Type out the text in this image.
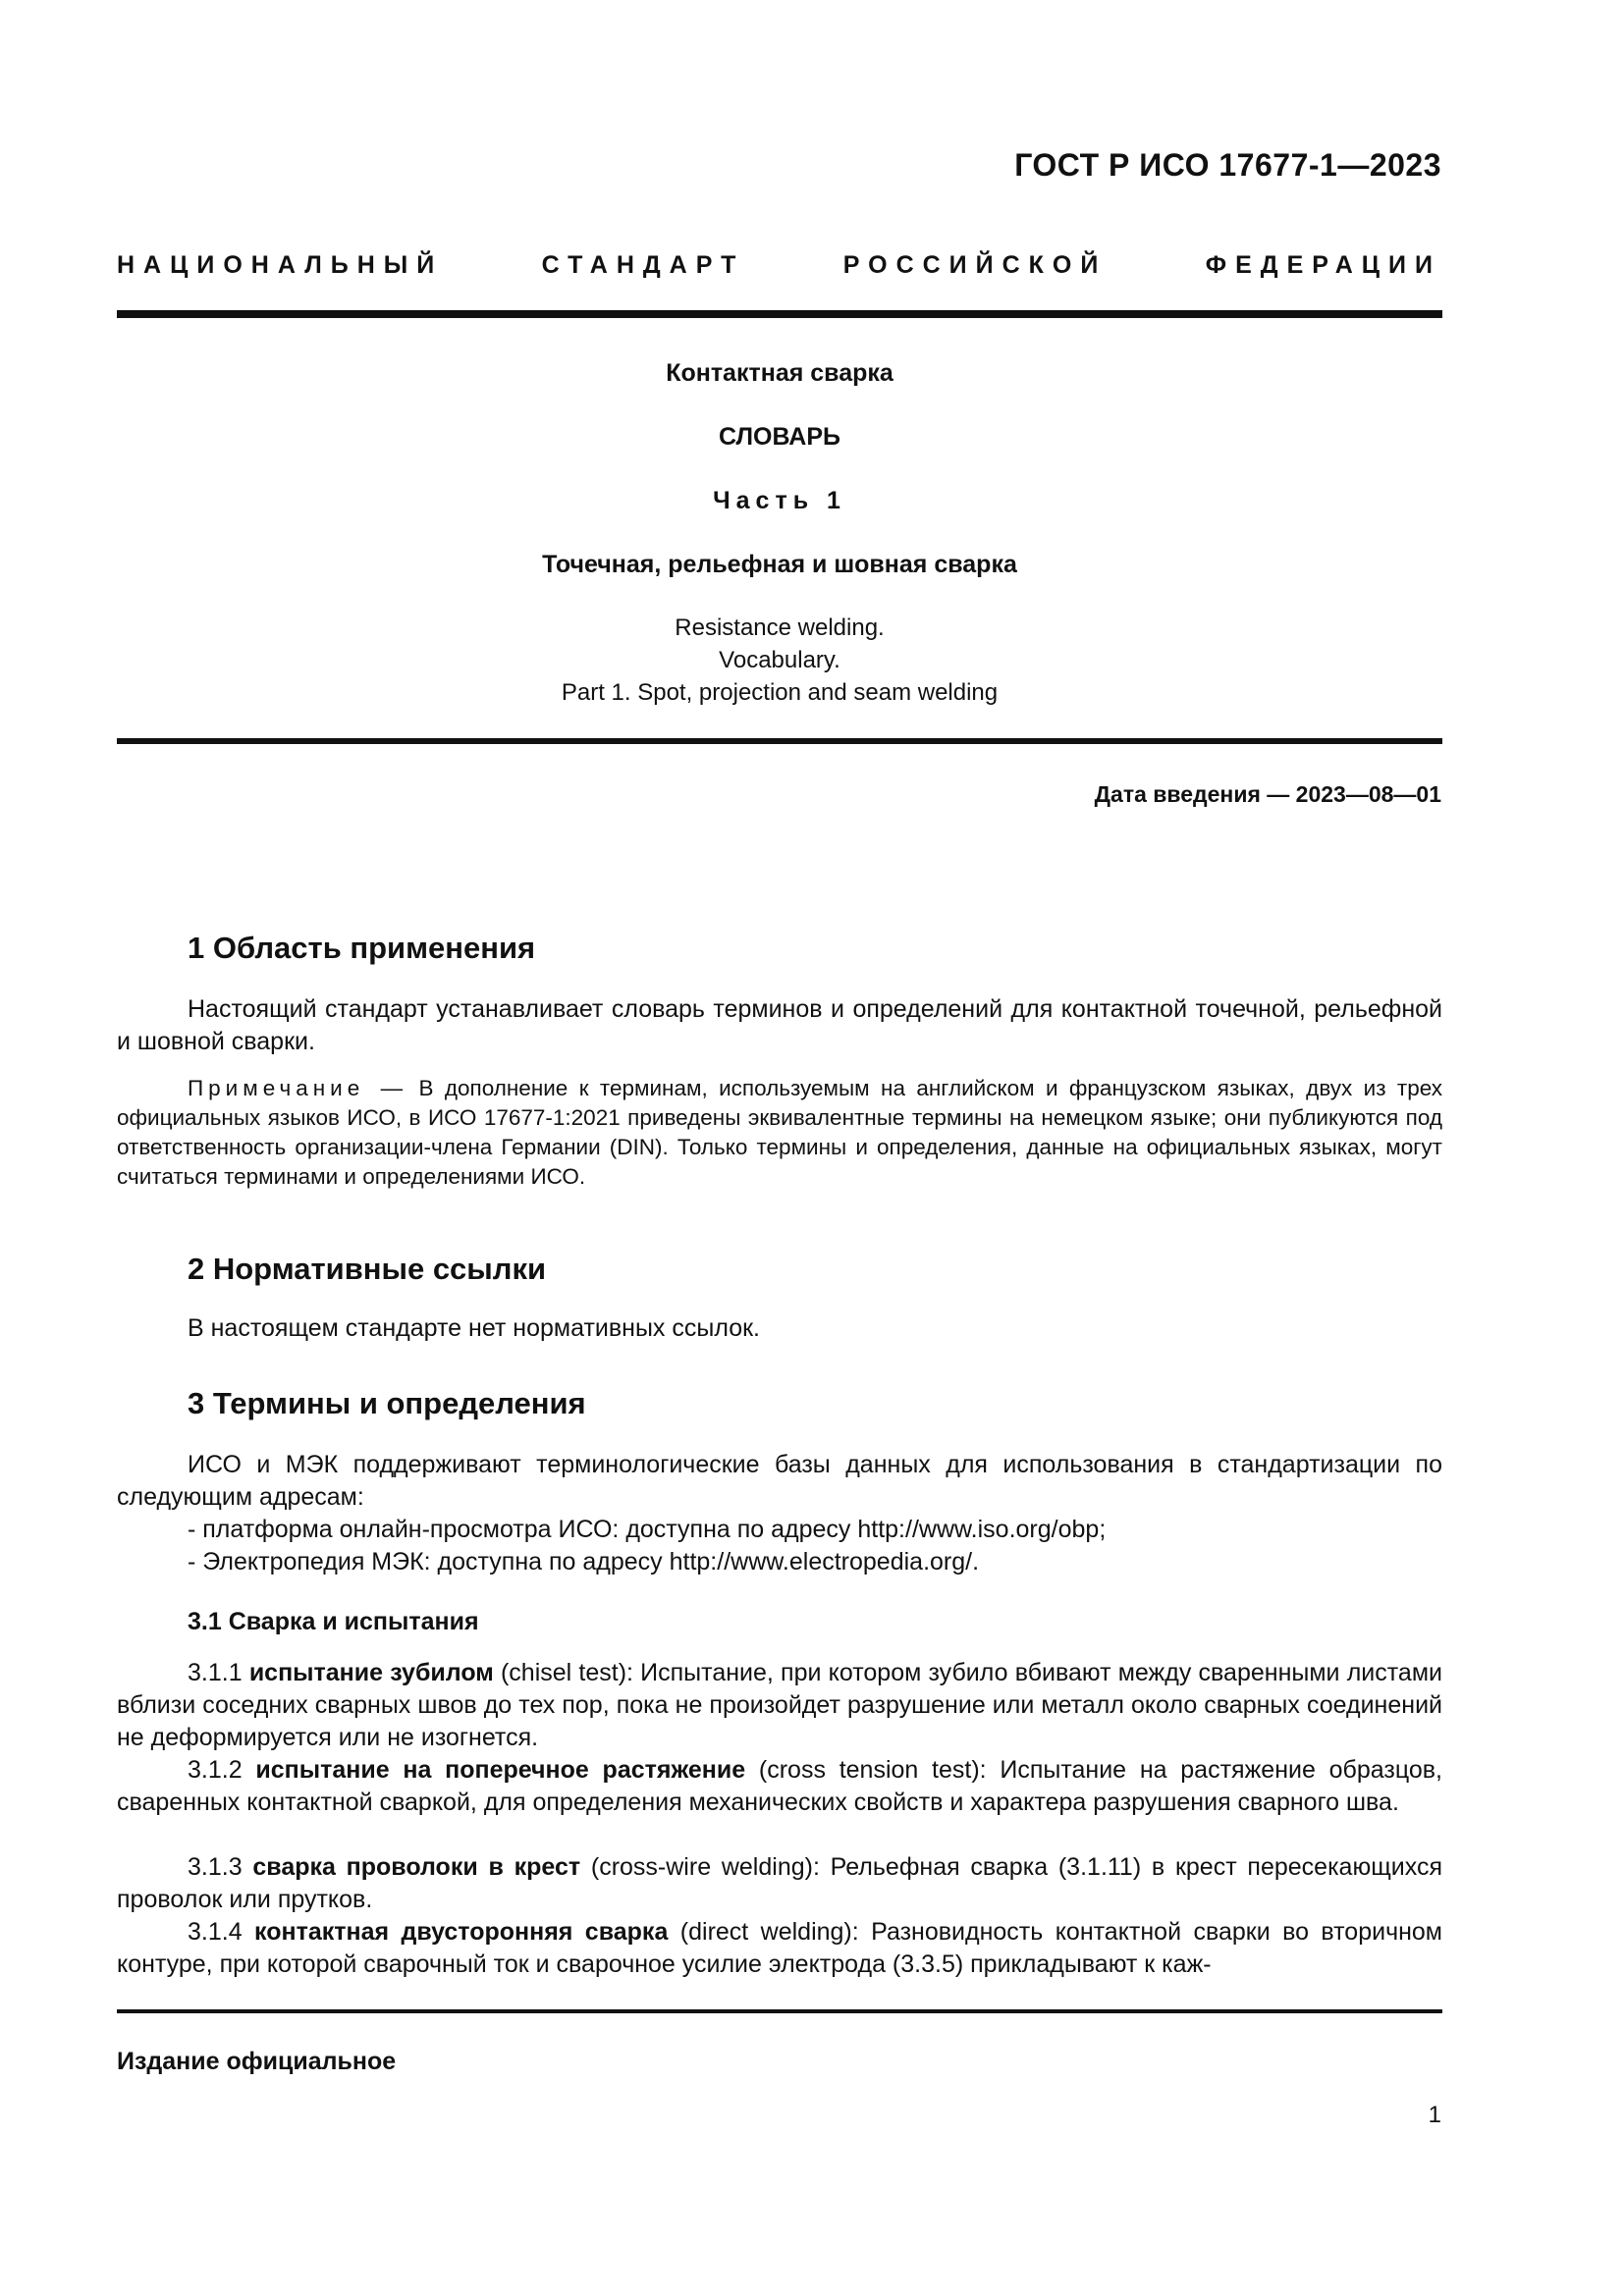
ГОСТ Р ИСО 17677-1—2023
НАЦИОНАЛЬНЫЙ СТАНДАРТ РОССИЙСКОЙ ФЕДЕРАЦИИ
Контактная сварка
СЛОВАРЬ
Часть 1
Точечная, рельефная и шовная сварка
Resistance welding.
Vocabulary.
Part 1. Spot, projection and seam welding
Дата введения — 2023—08—01
1 Область применения
Настоящий стандарт устанавливает словарь терминов и определений для контактной точечной, рельефной и шовной сварки.
Примечание — В дополнение к терминам, используемым на английском и французском языках, двух из трех официальных языков ИСО, в ИСО 17677-1:2021 приведены эквивалентные термины на немецком языке; они публикуются под ответственность организации-члена Германии (DIN). Только термины и определения, данные на официальных языках, могут считаться терминами и определениями ИСО.
2 Нормативные ссылки
В настоящем стандарте нет нормативных ссылок.
3 Термины и определения
ИСО и МЭК поддерживают терминологические базы данных для использования в стандартизации по следующим адресам:
- платформа онлайн-просмотра ИСО: доступна по адресу http://www.iso.org/obp;
- Электропедия МЭК: доступна по адресу http://www.electropedia.org/.
3.1 Сварка и испытания
3.1.1 испытание зубилом (chisel test): Испытание, при котором зубило вбивают между сваренными листами вблизи соседних сварных швов до тех пор, пока не произойдет разрушение или металл около сварных соединений не деформируется или не изогнется.
3.1.2 испытание на поперечное растяжение (cross tension test): Испытание на растяжение образцов, сваренных контактной сваркой, для определения механических свойств и характера разрушения сварного шва.
3.1.3 сварка проволоки в крест (cross-wire welding): Рельефная сварка (3.1.11) в крест пересекающихся проволок или прутков.
3.1.4 контактная двусторонняя сварка (direct welding): Разновидность контактной сварки во вторичном контуре, при которой сварочный ток и сварочное усилие электрода (3.3.5) прикладывают к каж-
Издание официальное
1
